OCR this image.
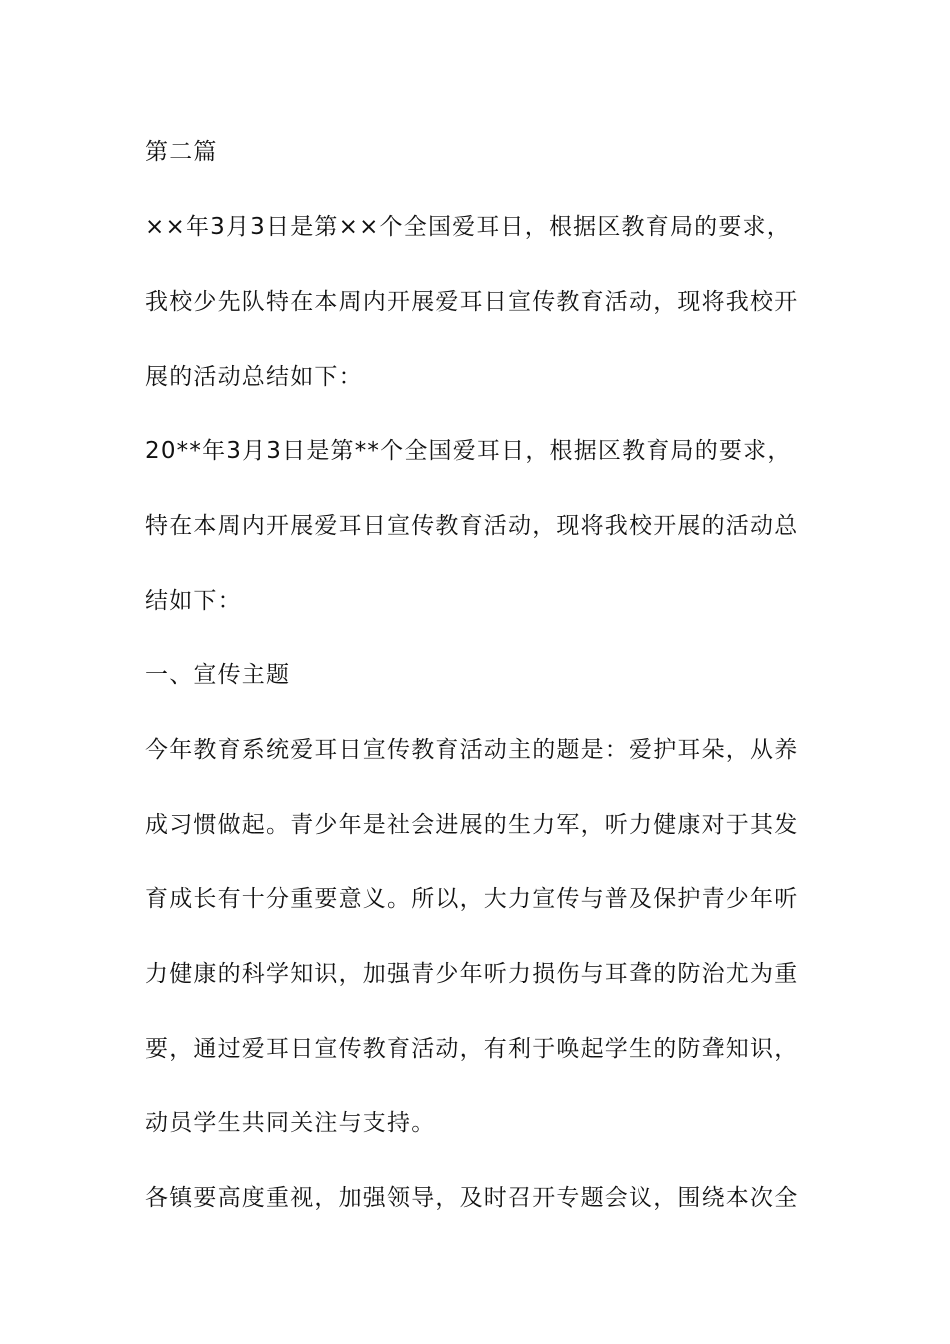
第二篇
××年3月3日是第××个全国爱耳日，根据区教育局的要求，
我校少先队特在本周内开展爱耳日宣传教育活动，现将我校开
展的活动总结如下：
20**年3月3日是第**个全国爱耳日，根据区教育局的要求，
特在本周内开展爱耳日宣传教育活动，现将我校开展的活动总
结如下：
一、宣传主题
今年教育系统爱耳日宣传教育活动主的题是：爱护耳朵，从养
成习惯做起。青少年是社会进展的生力军，听力健康对于其发
育成长有十分重要意义。所以，大力宣传与普及保护青少年听
力健康的科学知识，加强青少年听力损伤与耳聋的防治尤为重
要，通过爱耳日宣传教育活动，有利于唤起学生的防聋知识，
动员学生共同关注与支持。
各镇要高度重视，加强领导，及时召开专题会议，围绕本次全
